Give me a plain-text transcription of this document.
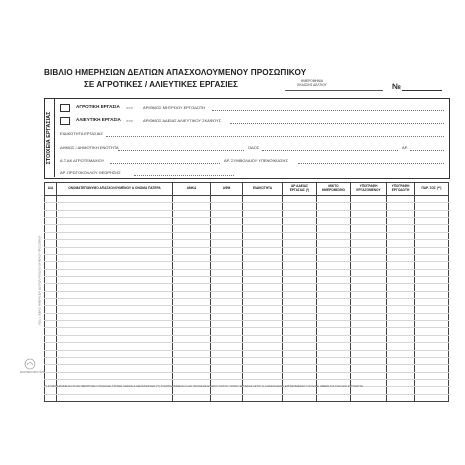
ΒΙΒΛΙΟ ΗΜΕΡΗΣΙΩΝ ΔΕΛΤΙΩΝ ΑΠΑΣΧΟΛΟΥΜΕΝΟΥ ΠΡΟΣΩΠΙΚΟΥ
ΣΕ ΑΓΡΟΤΙΚΕΣ / ΑΛΙΕΥΤΙΚΕΣ ΕΡΓΑΣΙΕΣ	ΗΜΕΡΟΜΗΝΙΑ
ΕΚΔΟΣΗΣ ΔΕΛΤΙΟΥ	№
ΣΤΟΙΧΕΙΑ ΕΡΓΑΣΙΑΣ
ΑΓΡΟΤΙΚΗ ΕΡΓΑΣΙΑ >>> ΑΡΙΘΜΟΣ ΜΗΤΡΩΟΥ ΕΡΓΟΔΟΤΗ
ΑΛΙΕΥΤΙΚΗ ΕΡΓΑΣΙΑ >>> ΑΡΙΘΜΟΣ ΑΔΕΙΑΣ ΑΛΙΕΥΤΙΚΟΥ ΣΚΑΦΟΥΣ
ΕΙΔΙΚΟΤΗΤΑ ΕΡΓΑΣΙΑΣ
ΔΗΜΟΣ / ΔΗΜΟΤΙΚΗ ΕΝΟΤΗΤΑ	ΟΔΟΣ	ΑΡ.
Α.Τ.ΑΚ ΑΓΡΟΤΕΜΑΧΙΟΥ	ΑΡ. ΣΥΜΒΟΛΑΙΟΥ ΥΠΕΝΟΙΚΙΑΣΗΣ
ΑΡ. ΠΡΩΤΟΚΟΛΛΟΥ ΘΕΩΡΗΣΗΣ
Α/Α	ΟΝΟΜΑΤΕΠΩΝΥΜΟ ΑΠΑΣΧΟΛΟΥΜΕΝΟΥ & ΟΝΟΜΑ ΠΑΤΕΡΑ	ΑΜΚΑ	ΑΦΜ	ΕΙΔΙΚΟΤΗΤΑ	ΑΡ ΑΔΕΙΑΣ ΕΡΓΑΣΙΑΣ (*)	ΜΙΚΤΟ ΗΜΕΡΟΜΙΣΘΙΟ	ΥΠΟΓΡΑΦΗ ΕΡΓΑΖΟΜΕΝΟΥ	ΥΠΟΓΡΑΦΗ ΕΡΓΟΔΟΤΗ	ΠΑΡ. ΣΟΣ (**)

ΚΩΔ. 1 ΒΙΒΛΙΟ ΗΜΕΡΗΣΙΩΝ ΔΕΛΤΙΩΝ ΑΠΑΣΧΟΛΟΥΜΕΝΟΥ ΠΡΟΣΩΠΙΚΟΥ
ΕΚΔΟΣΕΙΣ ΜΠΟΥΣΙΑΣ
(*) ΣΥΜΠΛΗΡΩΝΕΤΑΙ ΣΤΗΝ ΠΕΡΙΠΤΩΣΗ ΥΠΗΚΟΩΝ ΤΡΙΤΩΝ ΧΩΡΩΝ & ΜΕΤΑΝΑΣΤΩΝ (**) ΣΥΜΠΛΗΡΩΝΕΤΑΙ Ο ΑΡ. ΠΟΣΗΣΗΣ ΕΙΔΙΚΟΥ ΛΟΓΟΥ ΤΟΠΟΥ ΕΡΓΑΣΙΑΣ ΟΠΟΥ Η ΑΠΑΣΧΟΛΗΣΗ ΕΡΓΑΖΟΜΕΝΟΥ ΓΙΑ ΚΑΘΕ ΗΜΕΡΑ ΓΙΑ ΤΟΝ ΙΔΙΟ ΕΡΓΟΔΟΤΗ
